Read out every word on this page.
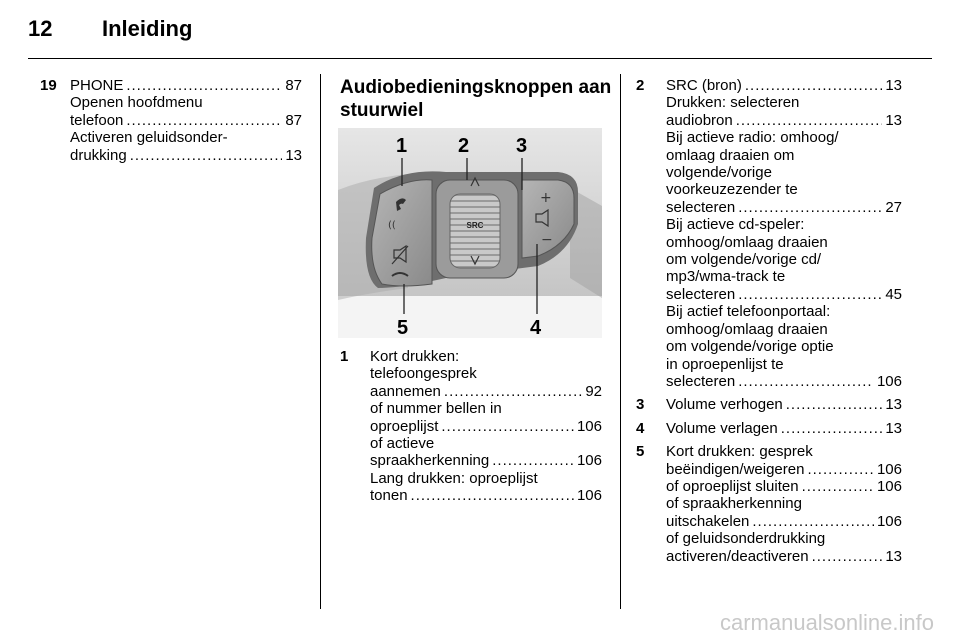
12 Inleiding
19 PHONE .....	87
Openen hoofdmenu
telefoon .....	87
Activeren geluidsonder-
drukking .....	13
Audiobedieningsknoppen aan
stuurwiel
SRC
+
−
((
1	2 3
4
5
1 Kort drukken:
telefoongesprek
aannemen .....	92
of nummer bellen in
oproeplijst .....	106
of actieve
spraakherkenning .....	106
Lang drukken: oproeplijst
tonen .....	106
2 SRC (bron) .....	13
Drukken: selecteren
audiobron .....	13
Bij actieve radio: omhoog/
omlaag draaien om
volgende/vorige
voorkeuzezender te
selecteren .....	27
Bij actieve cd-speler:
omhoog/omlaag draaien
om volgende/vorige cd/
mp3/wma-track te
selecteren .....	45
Bij actief telefoonportaal:
omhoog/omlaag draaien
om volgende/vorige optie
in oproepenlijst te
selecteren .....	106
3 Volume verhogen .....	13
4 Volume verlagen .....	13
5 Kort drukken: gesprek
beëindigen/weigeren .....	106
of oproeplijst sluiten .....	106
of spraakherkenning
uitschakelen .....	106
of geluidsonderdrukking
activeren/deactiveren .....	13
carmanualsonline.info
